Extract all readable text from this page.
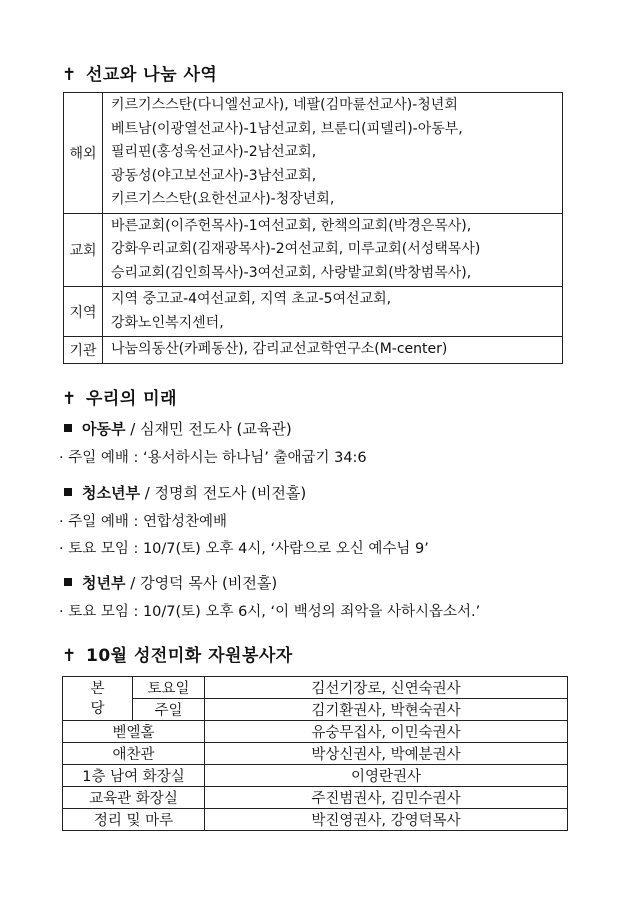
✝ 선교와 나눔 사역
해외	키르기스스탄(다니엘선교사), 네팔(김마륜선교사)-청년회
베트남(이광열선교사)-1남선교회, 브룬디(피델리)-아동부,
필리핀(홍성욱선교사)-2남선교회,
광동성(야고보선교사)-3남선교회,
키르기스스탄(요한선교사)-청장년회,

교회	바른교회(이주헌목사)-1여선교회, 한책의교회(박경은목사),
강화우리교회(김재광목사)-2여선교회, 미루교회(서성택목사)
승리교회(김인희목사)-3여선교회, 사랑밭교회(박창범목사),

지역	지역 중고교-4여선교회, 지역 초교-5여선교회,
강화노인복지센터,

기관	나눔의동산(카페동산), 감리교선교학연구소(M-center)
✝ 우리의 미래
아동부 / 심재민 전도사 (교육관)
· 주일 예배 : ‘용서하시는 하나님’ 출애굽기 34:6
청소년부 / 정명희 전도사 (비전홀)
· 주일 예배 : 연합성찬예배
· 토요 모임 : 10/7(토) 오후 4시, ‘사람으로 오신 예수님 9’
청년부 / 강영덕 목사 (비전홀)
· 토요 모임 : 10/7(토) 오후 6시, ‘이 백성의 죄악을 사하시옵소서.’
✝ 10월 성전미화 자원봉사자
본
당	토요일	김선기장로, 신연숙권사
	주일	김기환권사, 박현숙권사
벧엘홀		유숭무집사, 이민숙권사
애찬관		박상신권사, 박예분권사
1층 남여 화장실		이영란권사
교육관 화장실		주진범권사, 김민수권사
정리 및 마루		박진영권사, 강영덕목사
